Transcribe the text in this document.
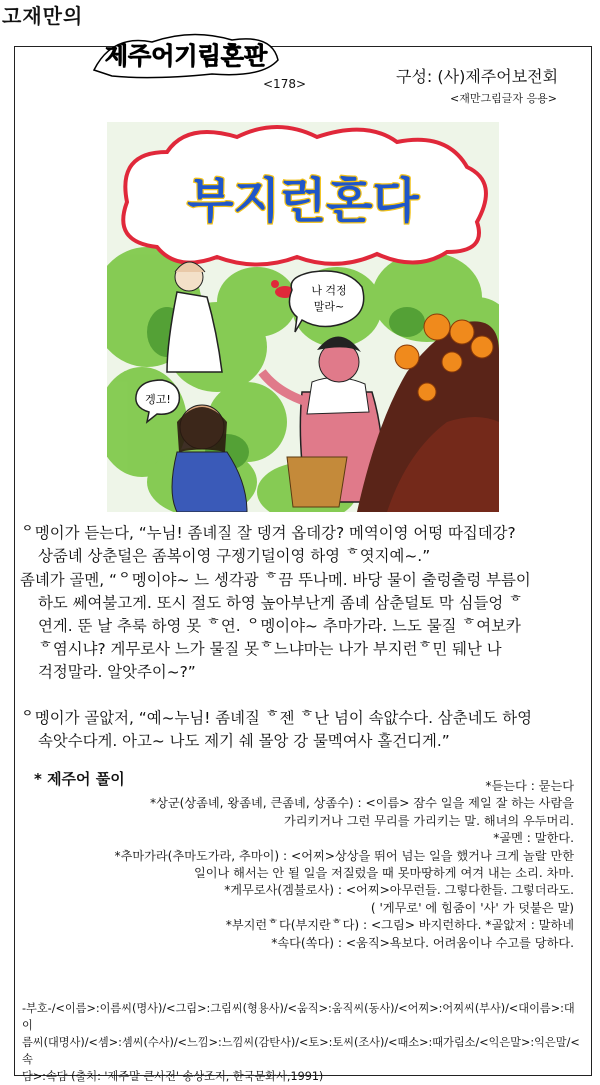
고재만의
제주어기림혼판
<178>	구성: (사)제주어보전회
<재만그림글자 응용>
부지런혼다
나 걱정
말라~
겡고!
ᄋ멩이가 듣는다, “누님! 좀녜질 잘 뎅겨 옵데강? 메역이영 어떵 따집데강?
상줌녜 상춘덜은 좀복이영 구젱기덜이영 하영 ᄒ엿지예~.”
좀녜가 골멘, “ᄋ멩이야~ 느 셍각광 ᄒ끔 뚜나메. 바당 물이 출렁출렁 부름이
하도 쎄여불고게. 또시 절도 하영 높아부난게 좀녜 삼춘덜토 막 심들엉 ᄒ
연게. 뚠 날 추룩 하영 못 ᄒ연. ᄋ멩이야~ 추마가라. 느도 물질 ᄒ여보카
ᄒ염시냐? 게무로사 느가 물질 못ᄒ느냐마는 나가 부지런ᄒ민 뒈난 나
걱정말라. 알앗주이~?”
ᄋ멩이가 골앖저, “예~누님! 좀녜질 ᄒ젠 ᄒ난 넘이 속앖수다. 삼춘네도 하영
속앗수다게. 아고~ 나도 제기 쉐 몰앙 강 물멕여사 홀건디게.”
* 제주어 풀이	*듣는다 : 묻는다
*상군(상좀녜, 왕좀녜, 큰좀녜, 상좀수) : <이름> 잠수 일을 제일 잘 하는 사람을
가리키거나 그런 무리를 가리키는 말. 해녀의 우두머리.
*골멘 : 말한다.
*추마가라(추마도가라, 추마이) : <어찌>상상을 뛰어 넘는 일을 했거나 크게 놀랄 만한
일이나 해서는 안 될 일을 저질렀을 때 못마땅하게 여겨 내는 소리. 차마.
*게무로사(겜불로사) : <어찌>아무런들. 그렇다한들. 그렇더라도.
( '게무로' 에 힘줌이 '사' 가 덧붙은 말)
*부지런ᄒ다(부지란ᄒ다) : <그림> 바지런하다. *골앖저 : 말하네
*속다(쏙다) : <움직>욕보다. 어려움이나 수고를 당하다.
-부호-/<이름>:이름씨(명사)/<그림>:그림씨(형용사)/<움직>:움직씨(동사)/<어찌>:어찌씨(부사)/<대이름>:대이
름씨(대명사)/<셈>:셈씨(수사)/<느낌>:느낌씨(감탄사)/<토>:토씨(조사)/<때소>:때가림소/<익은말>:익은말/<속
담>:속담 (출처: '제주말 큰사전' 송상조저, 한국문화사,1991)
